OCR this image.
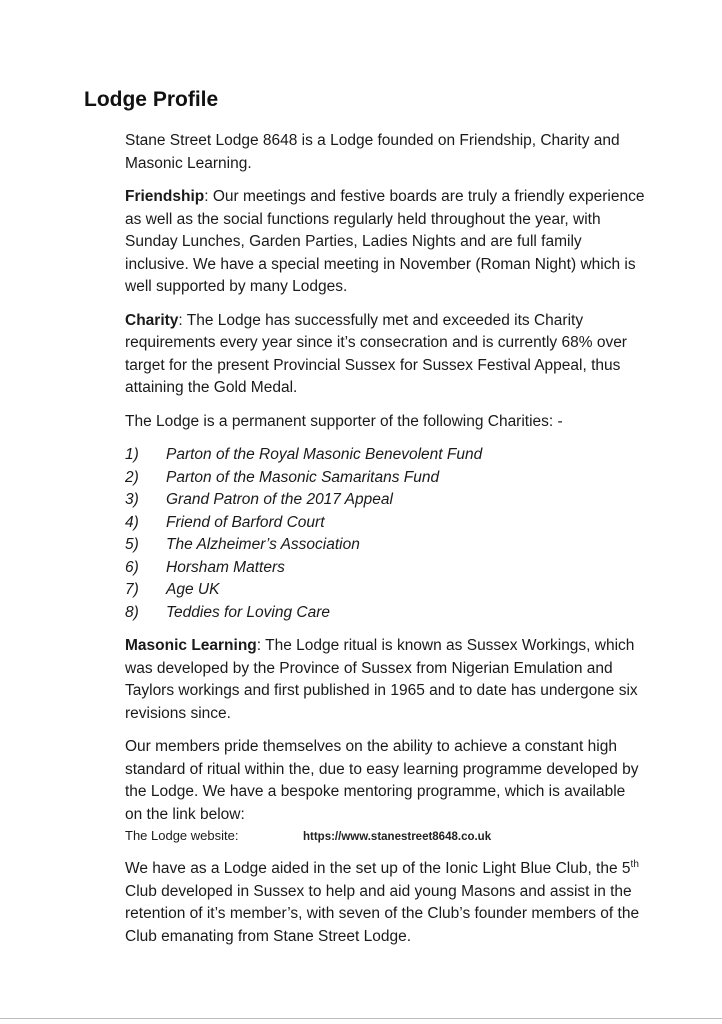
Lodge Profile

Stane Street Lodge 8648 is a Lodge founded on Friendship, Charity and Masonic Learning.

Friendship: Our meetings and festive boards are truly a friendly experience as well as the social functions regularly held throughout the year, with Sunday Lunches, Garden Parties, Ladies Nights and are full family inclusive. We have a special meeting in November (Roman Night) which is well supported by many Lodges.

Charity: The Lodge has successfully met and exceeded its Charity requirements every year since it’s consecration and is currently 68% over target for the present Provincial Sussex for Sussex Festival Appeal, thus attaining the Gold Medal.

The Lodge is a permanent supporter of the following Charities: -

1)	Parton of the Royal Masonic Benevolent Fund
2)	Parton of the Masonic Samaritans Fund
3)	Grand Patron of the 2017 Appeal
4)	Friend of Barford Court
5)	The Alzheimer’s Association
6)	Horsham Matters
7)	Age UK
8)	Teddies for Loving Care

Masonic Learning: The Lodge ritual is known as Sussex Workings, which was developed by the Province of Sussex from Nigerian Emulation and Taylors workings and first published in 1965 and to date has undergone six revisions since.

Our members pride themselves on the ability to achieve a constant high standard of ritual within the, due to easy learning programme developed by the Lodge. We have a bespoke mentoring programme, which is available on the link below:

The Lodge website:	https://www.stanestreet8648.co.uk

We have as a Lodge aided in the set up of the Ionic Light Blue Club, the 5th Club developed in Sussex to help and aid young Masons and assist in the retention of it’s member’s, with seven of the Club’s founder members of the Club emanating from Stane Street Lodge.
